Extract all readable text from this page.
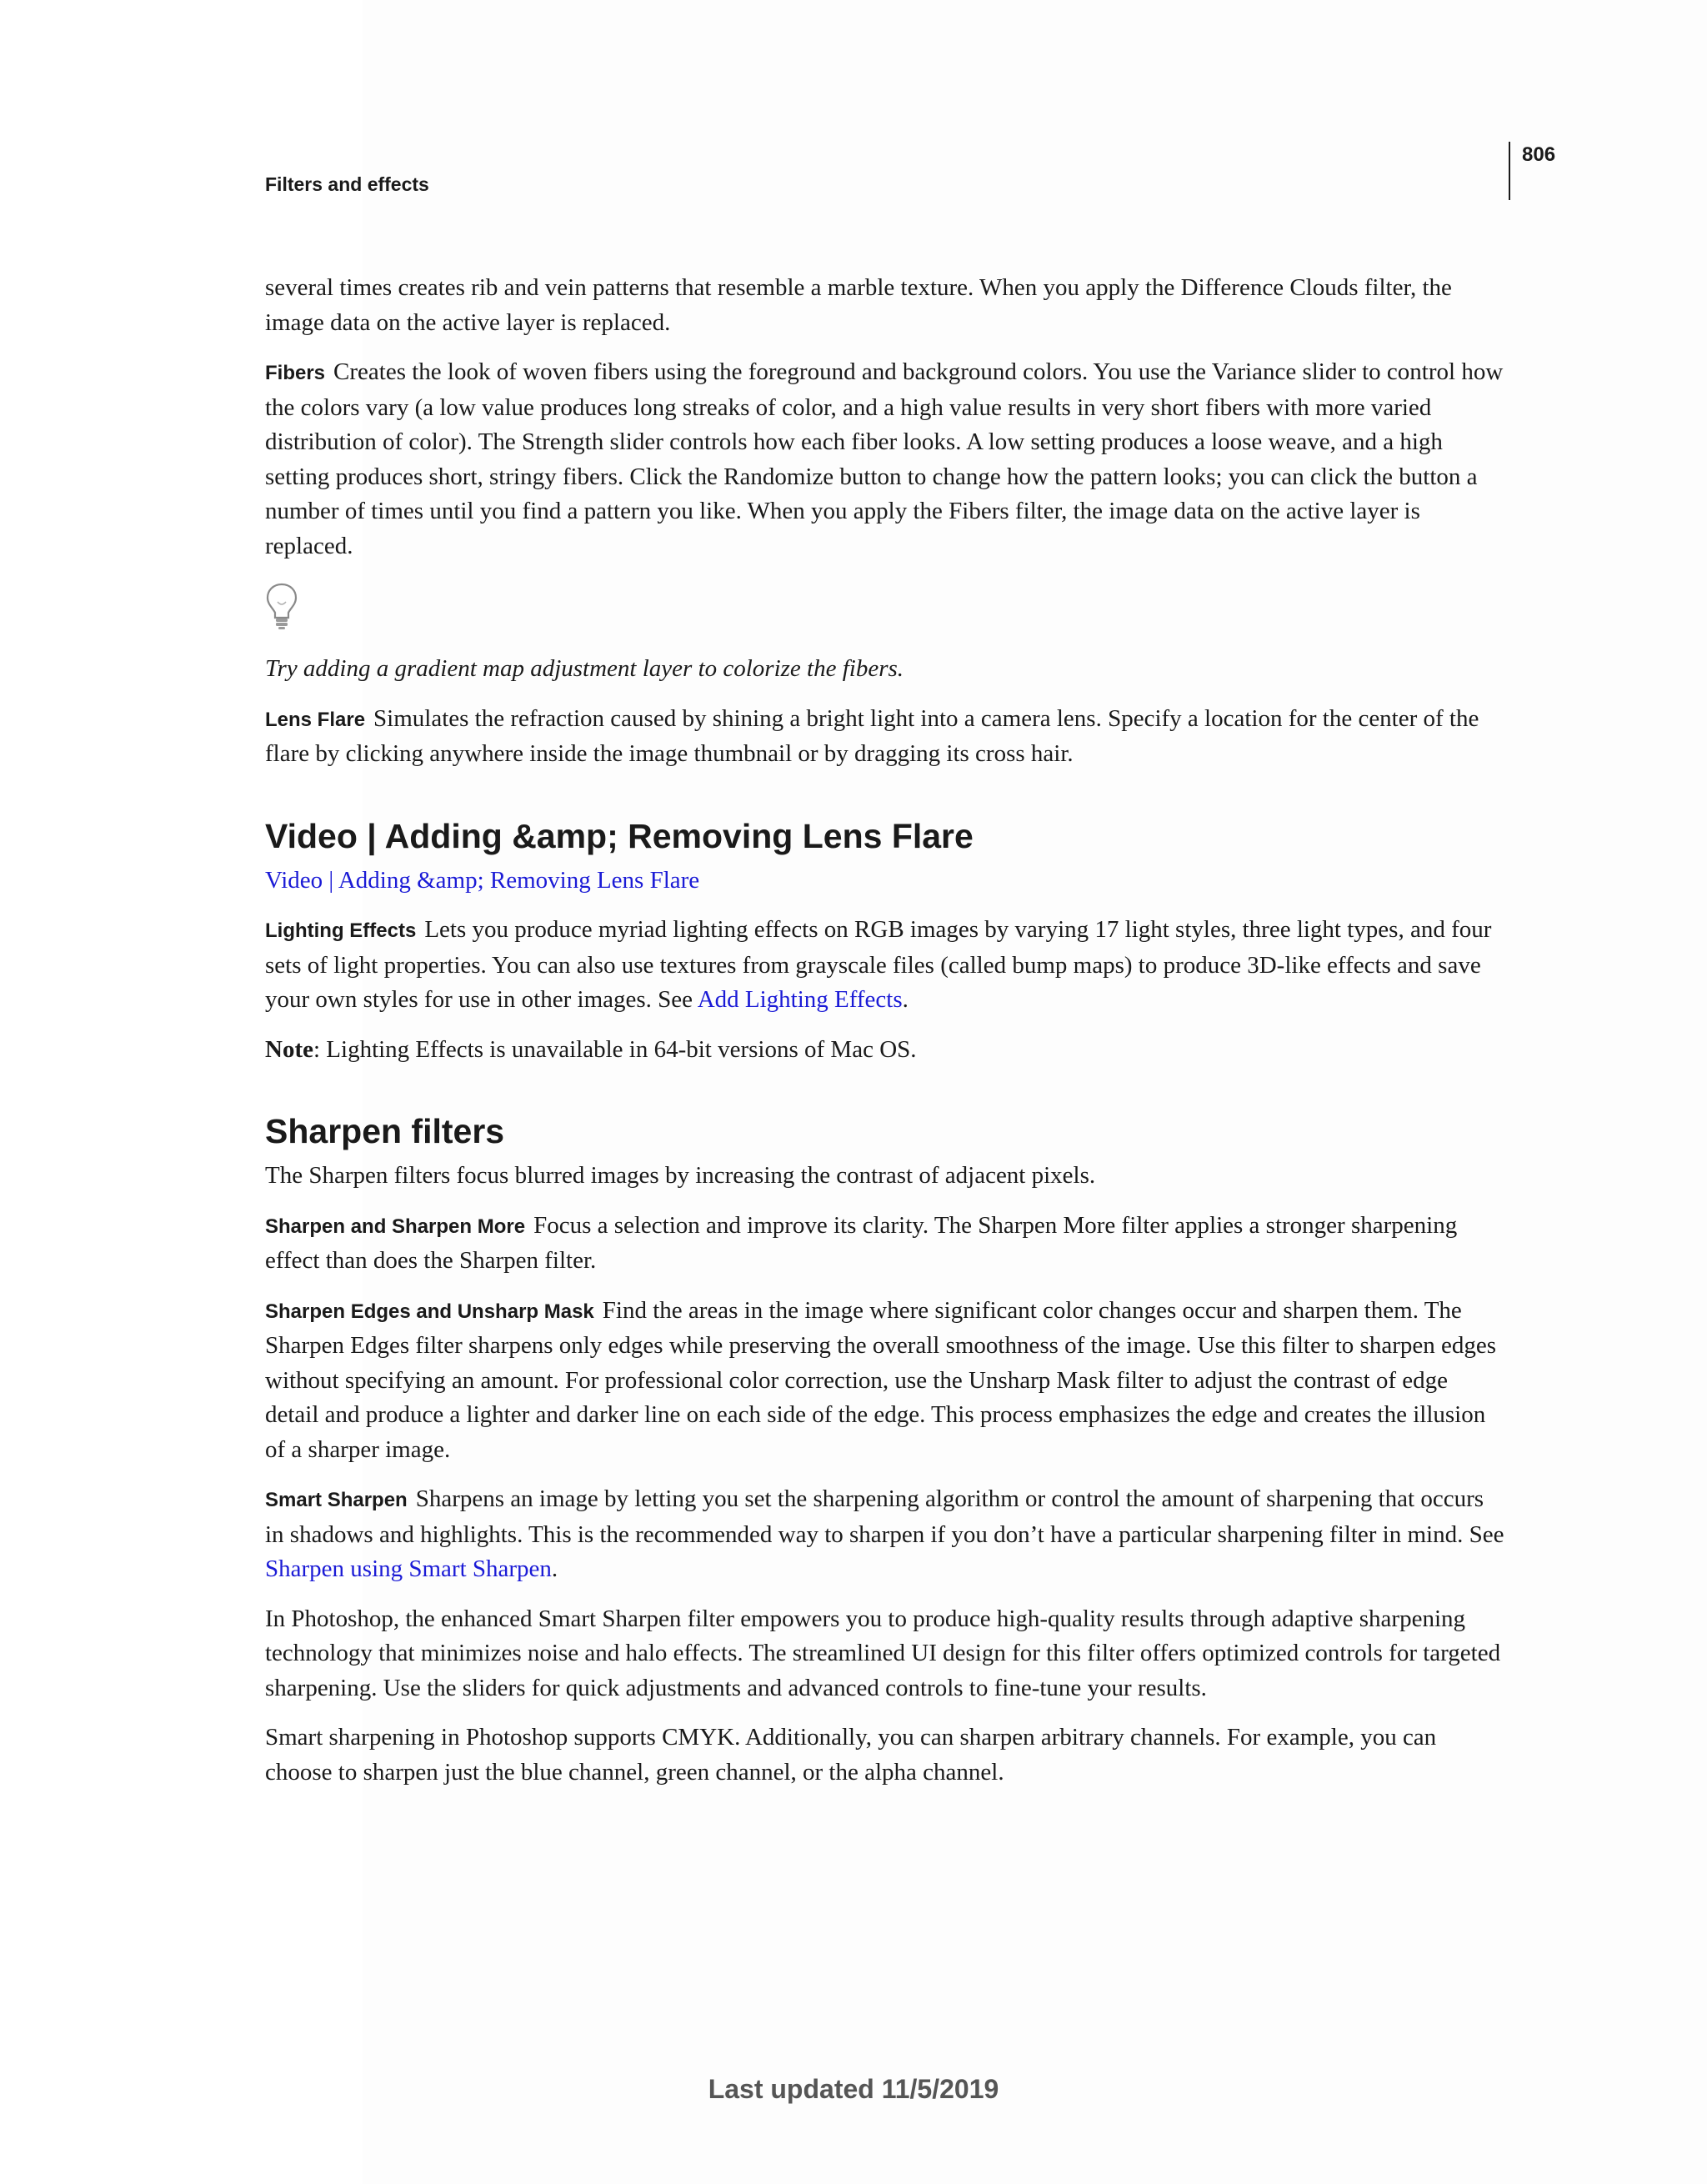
806
Filters and effects

several times creates rib and vein patterns that resemble a marble texture. When you apply the Difference Clouds filter, the image data on the active layer is replaced.

Fibers Creates the look of woven fibers using the foreground and background colors. You use the Variance slider to control how the colors vary (a low value produces long streaks of color, and a high value results in very short fibers with more varied distribution of color). The Strength slider controls how each fiber looks. A low setting produces a loose weave, and a high setting produces short, stringy fibers. Click the Randomize button to change how the pattern looks; you can click the button a number of times until you find a pattern you like. When you apply the Fibers filter, the image data on the active layer is replaced.

Try adding a gradient map adjustment layer to colorize the fibers.

Lens Flare Simulates the refraction caused by shining a bright light into a camera lens. Specify a location for the center of the flare by clicking anywhere inside the image thumbnail or by dragging its cross hair.

Video | Adding &amp; Removing Lens Flare

Video | Adding &amp; Removing Lens Flare

Lighting Effects Lets you produce myriad lighting effects on RGB images by varying 17 light styles, three light types, and four sets of light properties. You can also use textures from grayscale files (called bump maps) to produce 3D-like effects and save your own styles for use in other images. See Add Lighting Effects.

Note: Lighting Effects is unavailable in 64-bit versions of Mac OS.

Sharpen filters

The Sharpen filters focus blurred images by increasing the contrast of adjacent pixels.

Sharpen and Sharpen More Focus a selection and improve its clarity. The Sharpen More filter applies a stronger sharpening effect than does the Sharpen filter.

Sharpen Edges and Unsharp Mask Find the areas in the image where significant color changes occur and sharpen them. The Sharpen Edges filter sharpens only edges while preserving the overall smoothness of the image. Use this filter to sharpen edges without specifying an amount. For professional color correction, use the Unsharp Mask filter to adjust the contrast of edge detail and produce a lighter and darker line on each side of the edge. This process emphasizes the edge and creates the illusion of a sharper image.

Smart Sharpen Sharpens an image by letting you set the sharpening algorithm or control the amount of sharpening that occurs in shadows and highlights. This is the recommended way to sharpen if you don’t have a particular sharpening filter in mind. See Sharpen using Smart Sharpen.

In Photoshop, the enhanced Smart Sharpen filter empowers you to produce high-quality results through adaptive sharpening technology that minimizes noise and halo effects. The streamlined UI design for this filter offers optimized controls for targeted sharpening. Use the sliders for quick adjustments and advanced controls to fine-tune your results.

Smart sharpening in Photoshop supports CMYK. Additionally, you can sharpen arbitrary channels. For example, you can choose to sharpen just the blue channel, green channel, or the alpha channel.

Last updated 11/5/2019
